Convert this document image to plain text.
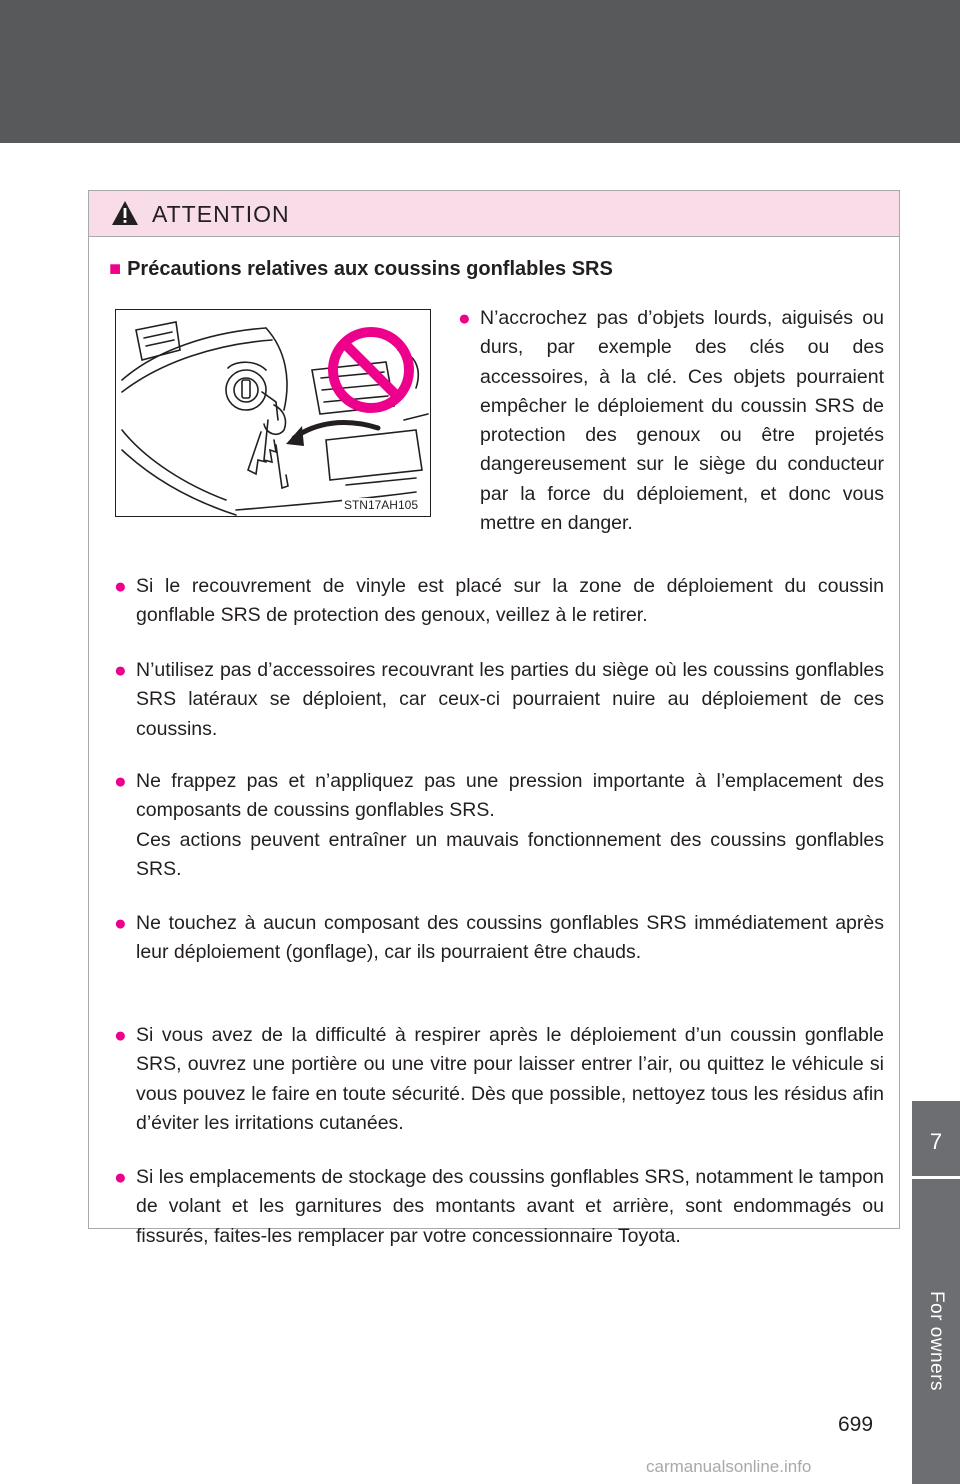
7
For owners
ATTENTION
■ Précautions relatives aux coussins gonflables SRS
STN17AH105
● N’accrochez pas d’objets lourds, aiguisés ou durs, par exemple des clés ou des accessoires, à la clé. Ces objets pourraient empêcher le déploiement du coussin SRS de protection des genoux ou être projetés dangereusement sur le siège du conducteur par la force du déploiement, et donc vous mettre en danger.

● Si le recouvrement de vinyle est placé sur la zone de déploiement du coussin gonflable SRS de protection des genoux, veillez à le retirer.

● N’utilisez pas d’accessoires recouvrant les parties du siège où les coussins gonflables SRS latéraux se déploient, car ceux-ci pourraient nuire au déploiement de ces coussins.

● Ne frappez pas et n’appliquez pas une pression importante à l’emplacement des composants de coussins gonflables SRS.

Ces actions peuvent entraîner un mauvais fonctionnement des coussins gonflables SRS.

● Ne touchez à aucun composant des coussins gonflables SRS immédiatement après leur déploiement (gonflage), car ils pourraient être chauds.

● Si vous avez de la difficulté à respirer après le déploiement d’un coussin gonflable SRS, ouvrez une portière ou une vitre pour laisser entrer l’air, ou quittez le véhicule si vous pouvez le faire en toute sécurité. Dès que possible, nettoyez tous les résidus afin d’éviter les irritations cutanées.

● Si les emplacements de stockage des coussins gonflables SRS, notamment le tampon de volant et les garnitures des montants avant et arrière, sont endommagés ou fissurés, faites-les remplacer par votre concessionnaire Toyota.

699
carmanualsonline.info
